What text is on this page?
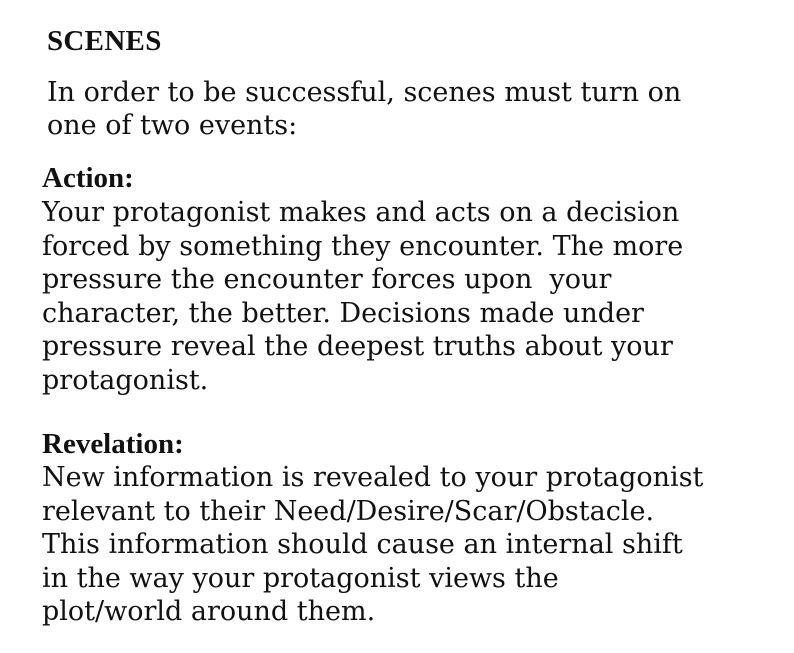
SCENES

In order to be successful, scenes must turn on
one of two events:

Action:

Your protagonist makes and acts on a decision
forced by something they encounter. The more
pressure the encounter forces upon  your
character, the better. Decisions made under
pressure reveal the deepest truths about your
protagonist.

Revelation:

New information is revealed to your protagonist
relevant to their Need/Desire/Scar/Obstacle.
This information should cause an internal shift
in the way your protagonist views the
plot/world around them.
